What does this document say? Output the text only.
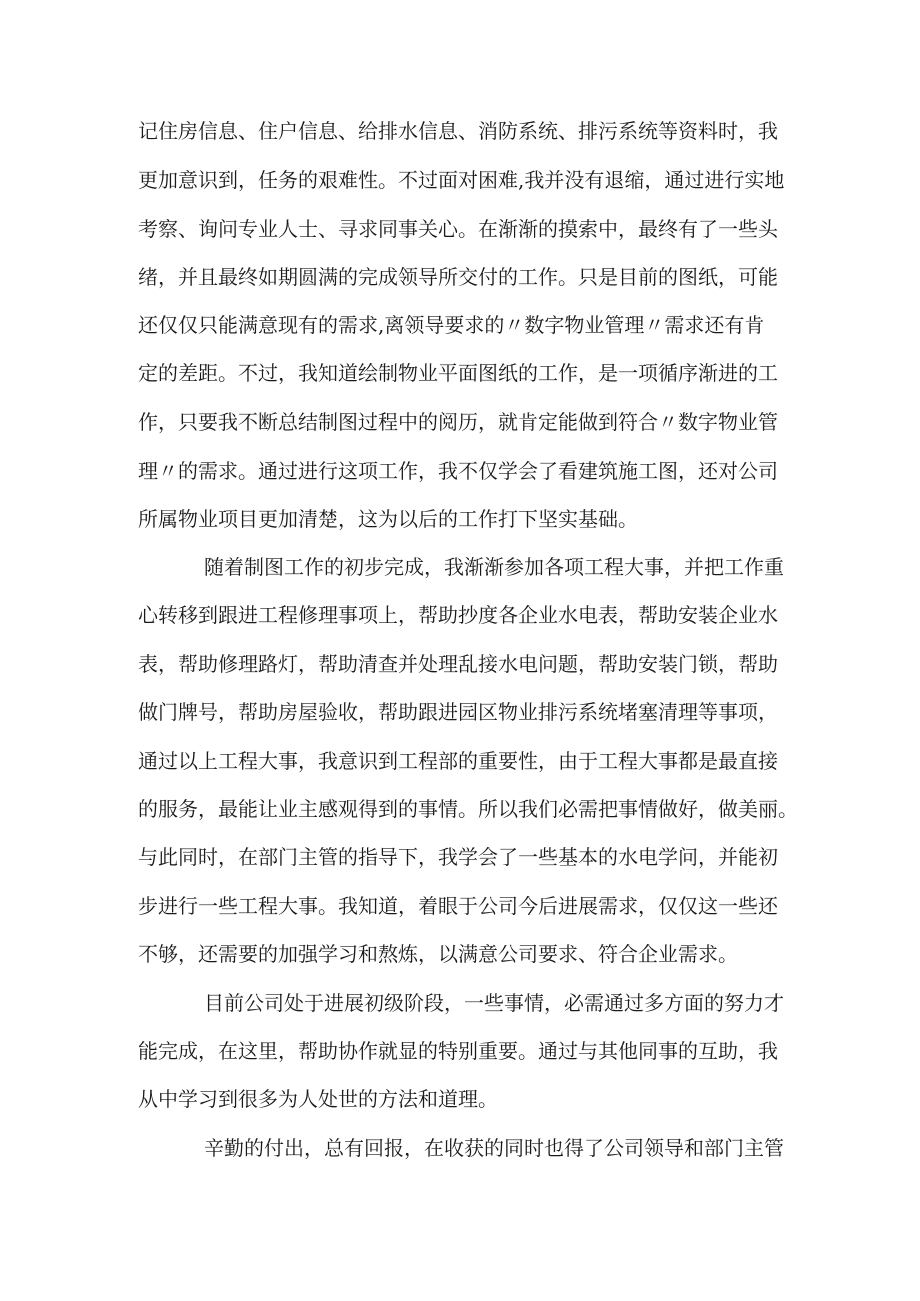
记住房信息、住户信息、给排水信息、消防系统、排污系统等资料时，我
更加意识到，任务的艰难性。不过面对困难,我并没有退缩，通过进行实地
考察、询问专业人士、寻求同事关心。在渐渐的摸索中，最终有了一些头
绪，并且最终如期圆满的完成领导所交付的工作。只是目前的图纸，可能
还仅仅只能满意现有的需求,离领导要求的〃数字物业管理〃需求还有肯
定的差距。不过，我知道绘制物业平面图纸的工作，是一项循序渐进的工
作，只要我不断总结制图过程中的阅历，就肯定能做到符合〃数字物业管
理〃的需求。通过进行这项工作，我不仅学会了看建筑施工图，还对公司
所属物业项目更加清楚，这为以后的工作打下坚实基础。
随着制图工作的初步完成，我渐渐参加各项工程大事，并把工作重
心转移到跟进工程修理事项上，帮助抄度各企业水电表，帮助安装企业水
表，帮助修理路灯，帮助清查并处理乱接水电问题，帮助安装门锁，帮助
做门牌号，帮助房屋验收，帮助跟进园区物业排污系统堵塞清理等事项，
通过以上工程大事，我意识到工程部的重要性，由于工程大事都是最直接
的服务，最能让业主感观得到的事情。所以我们必需把事情做好，做美丽。
与此同时，在部门主管的指导下，我学会了一些基本的水电学问，并能初
步进行一些工程大事。我知道，着眼于公司今后进展需求，仅仅这一些还
不够，还需要的加强学习和熬炼，以满意公司要求、符合企业需求。
目前公司处于进展初级阶段，一些事情，必需通过多方面的努力才
能完成，在这里，帮助协作就显的特别重要。通过与其他同事的互助，我
从中学习到很多为人处世的方法和道理。
辛勤的付出，总有回报，在收获的同时也得了公司领导和部门主管
